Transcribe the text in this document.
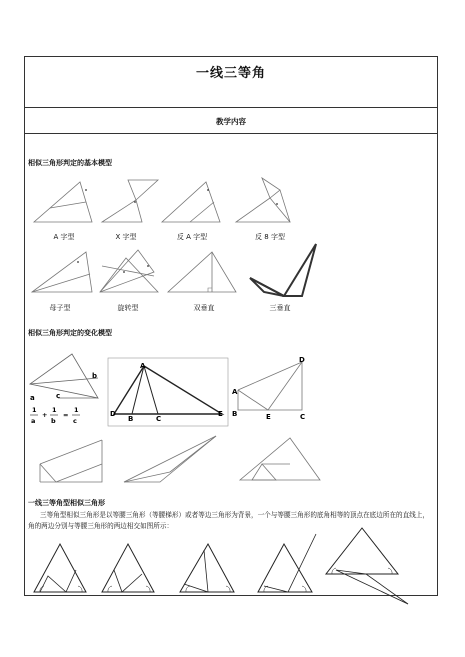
一线三等角
教学内容
相似三角形判定的基本模型
A 字型	X 字型	反 A 字型	反 8 字型
母子型	旋转型	双垂直	三垂直
相似三角形判定的变化模型
a
b
c
1
a
+
1
b
=
1
c
A
D
B	C
E
A
D
B	E	C
一线三等角型相似三角形
三等角型相似三角形是以等腰三角形（等腰梯形）或者等边三角形为背景，一个与等腰三角形的底角相等的顶点在底边所在的直线上，角的两边分别与等腰三角形的两边相交如图所示：
